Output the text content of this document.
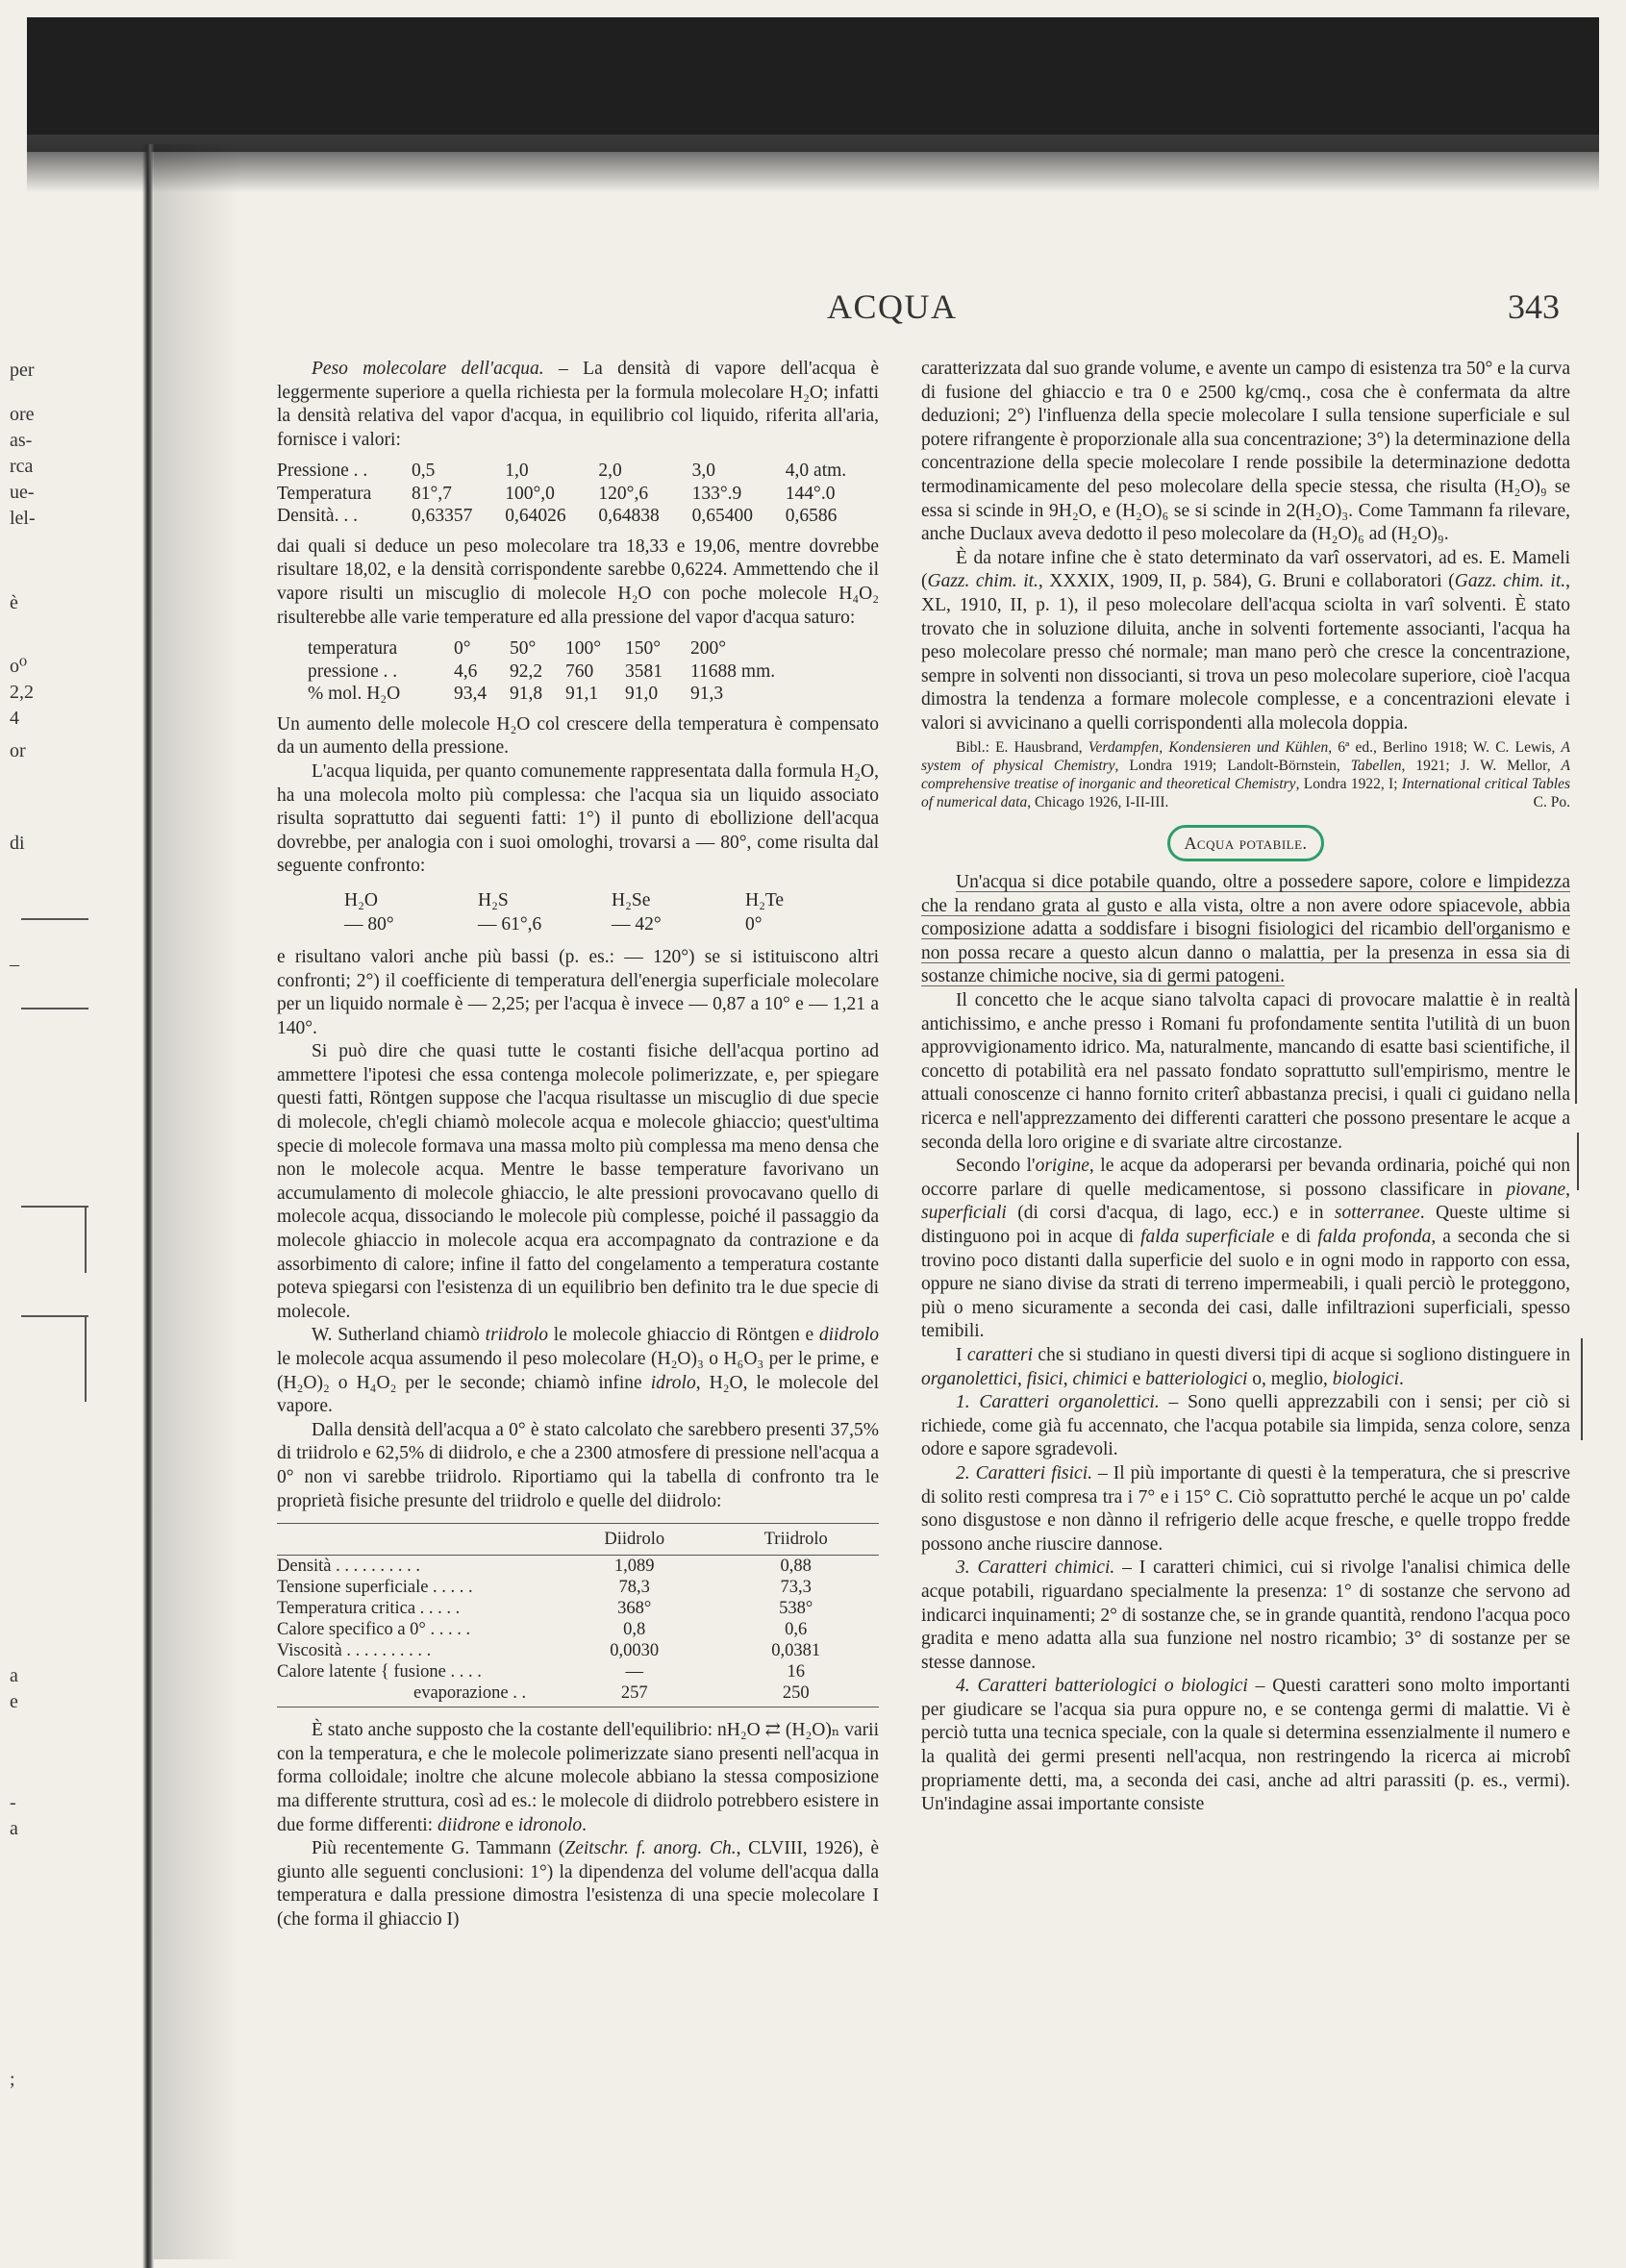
per
ore
as-
rca
ue-
lel-
è
o⁰
2,2
4
or
di
–
a
e
-
a
;
ACQUA	343

Peso molecolare dell'acqua. – La densità di vapore dell'acqua è leggermente superiore a quella richiesta per la formula molecolare H₂O; infatti la densità relativa del vapor d'acqua, in equilibrio col liquido, riferita all'aria, fornisce i valori:

Pressione . .	0,5	1,0	2,0	3,0	4,0 atm.
Temperatura	81°,7	100°,0	120°,6	133°.9	144°.0
Densità. . .	0,63357	0,64026	0,64838	0,65400	0,6586

dai quali si deduce un peso molecolare tra 18,33 e 19,06, mentre dovrebbe risultare 18,02, e la densità corrispondente sarebbe 0,6224. Ammettendo che il vapore risulti un miscuglio di molecole H₂O con poche molecole H₄O₂ risulterebbe alle varie temperature ed alla pressione del vapor d'acqua saturo:

temperatura	0°	50°	100°	150°	200°
pressione . .	4,6	92,2	760	3581	11688 mm.
% mol. H₂O	93,4	91,8	91,1	91,0	91,3

Un aumento delle molecole H₂O col crescere della temperatura è compensato da un aumento della pressione.

L'acqua liquida, per quanto comunemente rappresentata dalla formula H₂O, ha una molecola molto più complessa: che l'acqua sia un liquido associato risulta soprattutto dai seguenti fatti: 1°) il punto di ebollizione dell'acqua dovrebbe, per analogia con i suoi omologhi, trovarsi a — 80°, come risulta dal seguente confronto:

H₂O	H₂S	H₂Se	H₂Te
— 80°	— 61°,6	— 42°	0°

e risultano valori anche più bassi (p. es.: — 120°) se si istituiscono altri confronti; 2°) il coefficiente di temperatura dell'energia superficiale molecolare per un liquido normale è — 2,25; per l'acqua è invece — 0,87 a 10° e — 1,21 a 140°.

Si può dire che quasi tutte le costanti fisiche dell'acqua portino ad ammettere l'ipotesi che essa contenga molecole polimerizzate, e, per spiegare questi fatti, Röntgen suppose che l'acqua risultasse un miscuglio di due specie di molecole, ch'egli chiamò molecole acqua e molecole ghiaccio; quest'ultima specie di molecole formava una massa molto più complessa ma meno densa che non le molecole acqua. Mentre le basse temperature favorivano un accumulamento di molecole ghiaccio, le alte pressioni provocavano quello di molecole acqua, dissociando le molecole più complesse, poiché il passaggio da molecole ghiaccio in molecole acqua era accompagnato da contrazione e da assorbimento di calore; infine il fatto del congelamento a temperatura costante poteva spiegarsi con l'esistenza di un equilibrio ben definito tra le due specie di molecole.

W. Sutherland chiamò triidrolo le molecole ghiaccio di Röntgen e diidrolo le molecole acqua assumendo il peso molecolare (H₂O)₃ o H₆O₃ per le prime, e (H₂O)₂ o H₄O₂ per le seconde; chiamò infine idrolo, H₂O, le molecole del vapore.

Dalla densità dell'acqua a 0° è stato calcolato che sarebbero presenti 37,5% di triidrolo e 62,5% di diidrolo, e che a 2300 atmosfere di pressione nell'acqua a 0° non vi sarebbe triidrolo. Riportiamo qui la tabella di confronto tra le proprietà fisiche presunte del triidrolo e quelle del diidrolo:

	Diidrolo	Triidrolo
Densità . . . . . . . . . .	1,089	0,88
Tensione superficiale . . . . .	78,3	73,3
Temperatura critica . . . . .	368°	538°
Calore specifico a 0° . . . . .	0,8	0,6
Viscosità . . . . . . . . . .	0,0030	0,0381
Calore latente { fusione . . . .	—	16
evaporazione . .	257	250

È stato anche supposto che la costante dell'equilibrio: nH₂O ⇄ (H₂O)ₙ varii con la temperatura, e che le molecole polimerizzate siano presenti nell'acqua in forma colloidale; inoltre che alcune molecole abbiano la stessa composizione ma differente struttura, così ad es.: le molecole di diidrolo potrebbero esistere in due forme differenti: diidrone e idronolo.

Più recentemente G. Tammann (Zeitschr. f. anorg. Ch., CLVIII, 1926), è giunto alle seguenti conclusioni: 1°) la dipendenza del volume dell'acqua dalla temperatura e dalla pressione dimostra l'esistenza di una specie molecolare I (che forma il ghiaccio I)

caratterizzata dal suo grande volume, e avente un campo di esistenza tra 50° e la curva di fusione del ghiaccio e tra 0 e 2500 kg/cmq., cosa che è confermata da altre deduzioni; 2°) l'influenza della specie molecolare I sulla tensione superficiale e sul potere rifrangente è proporzionale alla sua concentrazione; 3°) la determinazione della concentrazione della specie molecolare I rende possibile la determinazione dedotta termodinamicamente del peso molecolare della specie stessa, che risulta (H₂O)₉ se essa si scinde in 9H₂O, e (H₂O)₆ se si scinde in 2(H₂O)₃. Come Tammann fa rilevare, anche Duclaux aveva dedotto il peso molecolare da (H₂O)₆ ad (H₂O)₉.

È da notare infine che è stato determinato da varî osservatori, ad es. E. Mameli (Gazz. chim. it., XXXIX, 1909, II, p. 584), G. Bruni e collaboratori (Gazz. chim. it., XL, 1910, II, p. 1), il peso molecolare dell'acqua sciolta in varî solventi. È stato trovato che in soluzione diluita, anche in solventi fortemente associanti, l'acqua ha peso molecolare presso ché normale; man mano però che cresce la concentrazione, sempre in solventi non dissocianti, si trova un peso molecolare superiore, cioè l'acqua dimostra la tendenza a formare molecole complesse, e a concentrazioni elevate i valori si avvicinano a quelli corrispondenti alla molecola doppia.

Bibl.: E. Hausbrand, Verdampfen, Kondensieren und Kühlen, 6ª ed., Berlino 1918; W. C. Lewis, A system of physical Chemistry, Londra 1919; Landolt-Börnstein, Tabellen, 1921; J. W. Mellor, A comprehensive treatise of inorganic and theoretical Chemistry, Londra 1922, I; International critical Tables of numerical data, Chicago 1926, I-II-III.	C. Po.

Acqua potabile.

Un'acqua si dice potabile quando, oltre a possedere sapore, colore e limpidezza che la rendano grata al gusto e alla vista, oltre a non avere odore spiacevole, abbia composizione adatta a soddisfare i bisogni fisiologici del ricambio dell'organismo e non possa recare a questo alcun danno o malattia, per la presenza in essa sia di sostanze chimiche nocive, sia di germi patogeni.

Il concetto che le acque siano talvolta capaci di provocare malattie è in realtà antichissimo, e anche presso i Romani fu profondamente sentita l'utilità di un buon approvvigionamento idrico. Ma, naturalmente, mancando di esatte basi scientifiche, il concetto di potabilità era nel passato fondato soprattutto sull'empirismo, mentre le attuali conoscenze ci hanno fornito criterî abbastanza precisi, i quali ci guidano nella ricerca e nell'apprezzamento dei differenti caratteri che possono presentare le acque a seconda della loro origine e di svariate altre circostanze.

Secondo l'origine, le acque da adoperarsi per bevanda ordinaria, poiché qui non occorre parlare di quelle medicamentose, si possono classificare in piovane, superficiali (di corsi d'acqua, di lago, ecc.) e in sotterranee. Queste ultime si distinguono poi in acque di falda superficiale e di falda profonda, a seconda che si trovino poco distanti dalla superficie del suolo e in ogni modo in rapporto con essa, oppure ne siano divise da strati di terreno impermeabili, i quali perciò le proteggono, più o meno sicuramente a seconda dei casi, dalle infiltrazioni superficiali, spesso temibili.

I caratteri che si studiano in questi diversi tipi di acque si sogliono distinguere in organolettici, fisici, chimici e batteriologici o, meglio, biologici.

1. Caratteri organolettici. – Sono quelli apprezzabili con i sensi; per ciò si richiede, come già fu accennato, che l'acqua potabile sia limpida, senza colore, senza odore e sapore sgradevoli.

2. Caratteri fisici. – Il più importante di questi è la temperatura, che si prescrive di solito resti compresa tra i 7° e i 15° C. Ciò soprattutto perché le acque un po' calde sono disgustose e non dànno il refrigerio delle acque fresche, e quelle troppo fredde possono anche riuscire dannose.

3. Caratteri chimici. – I caratteri chimici, cui si rivolge l'analisi chimica delle acque potabili, riguardano specialmente la presenza: 1° di sostanze che servono ad indicarci inquinamenti; 2° di sostanze che, se in grande quantità, rendono l'acqua poco gradita e meno adatta alla sua funzione nel nostro ricambio; 3° di sostanze per se stesse dannose.

4. Caratteri batteriologici o biologici – Questi caratteri sono molto importanti per giudicare se l'acqua sia pura oppure no, e se contenga germi di malattie. Vi è perciò tutta una tecnica speciale, con la quale si determina essenzialmente il numero e la qualità dei germi presenti nell'acqua, non restringendo la ricerca ai microbî propriamente detti, ma, a seconda dei casi, anche ad altri parassiti (p. es., vermi). Un'indagine assai importante consiste
